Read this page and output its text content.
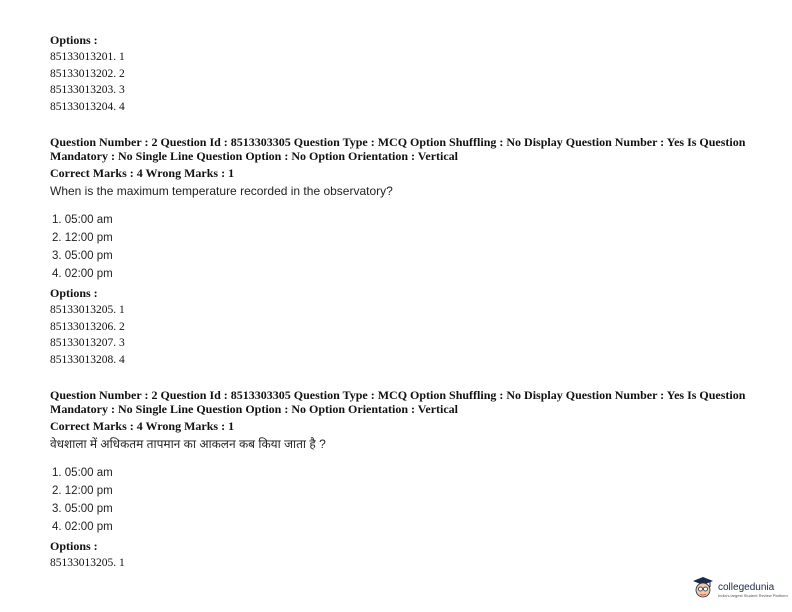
Options :
85133013201. 1
85133013202. 2
85133013203. 3
85133013204. 4
Question Number : 2 Question Id : 8513303305 Question Type : MCQ Option Shuffling : No Display Question Number : Yes Is Question
Mandatory : No Single Line Question Option : No Option Orientation : Vertical
Correct Marks : 4 Wrong Marks : 1
When is the maximum temperature recorded in the observatory?
1. 05:00 am
2. 12:00 pm
3. 05:00 pm
4. 02:00 pm
Options :
85133013205. 1
85133013206. 2
85133013207. 3
85133013208. 4
Question Number : 2 Question Id : 8513303305 Question Type : MCQ Option Shuffling : No Display Question Number : Yes Is Question
Mandatory : No Single Line Question Option : No Option Orientation : Vertical
Correct Marks : 4 Wrong Marks : 1
वेधशाला में अधिकतम तापमान का आकलन कब किया जाता है ?
1. 05:00 am
2. 12:00 pm
3. 05:00 pm
4. 02:00 pm
Options :
85133013205. 1
collegedunia
India's largest Student Review Platform
